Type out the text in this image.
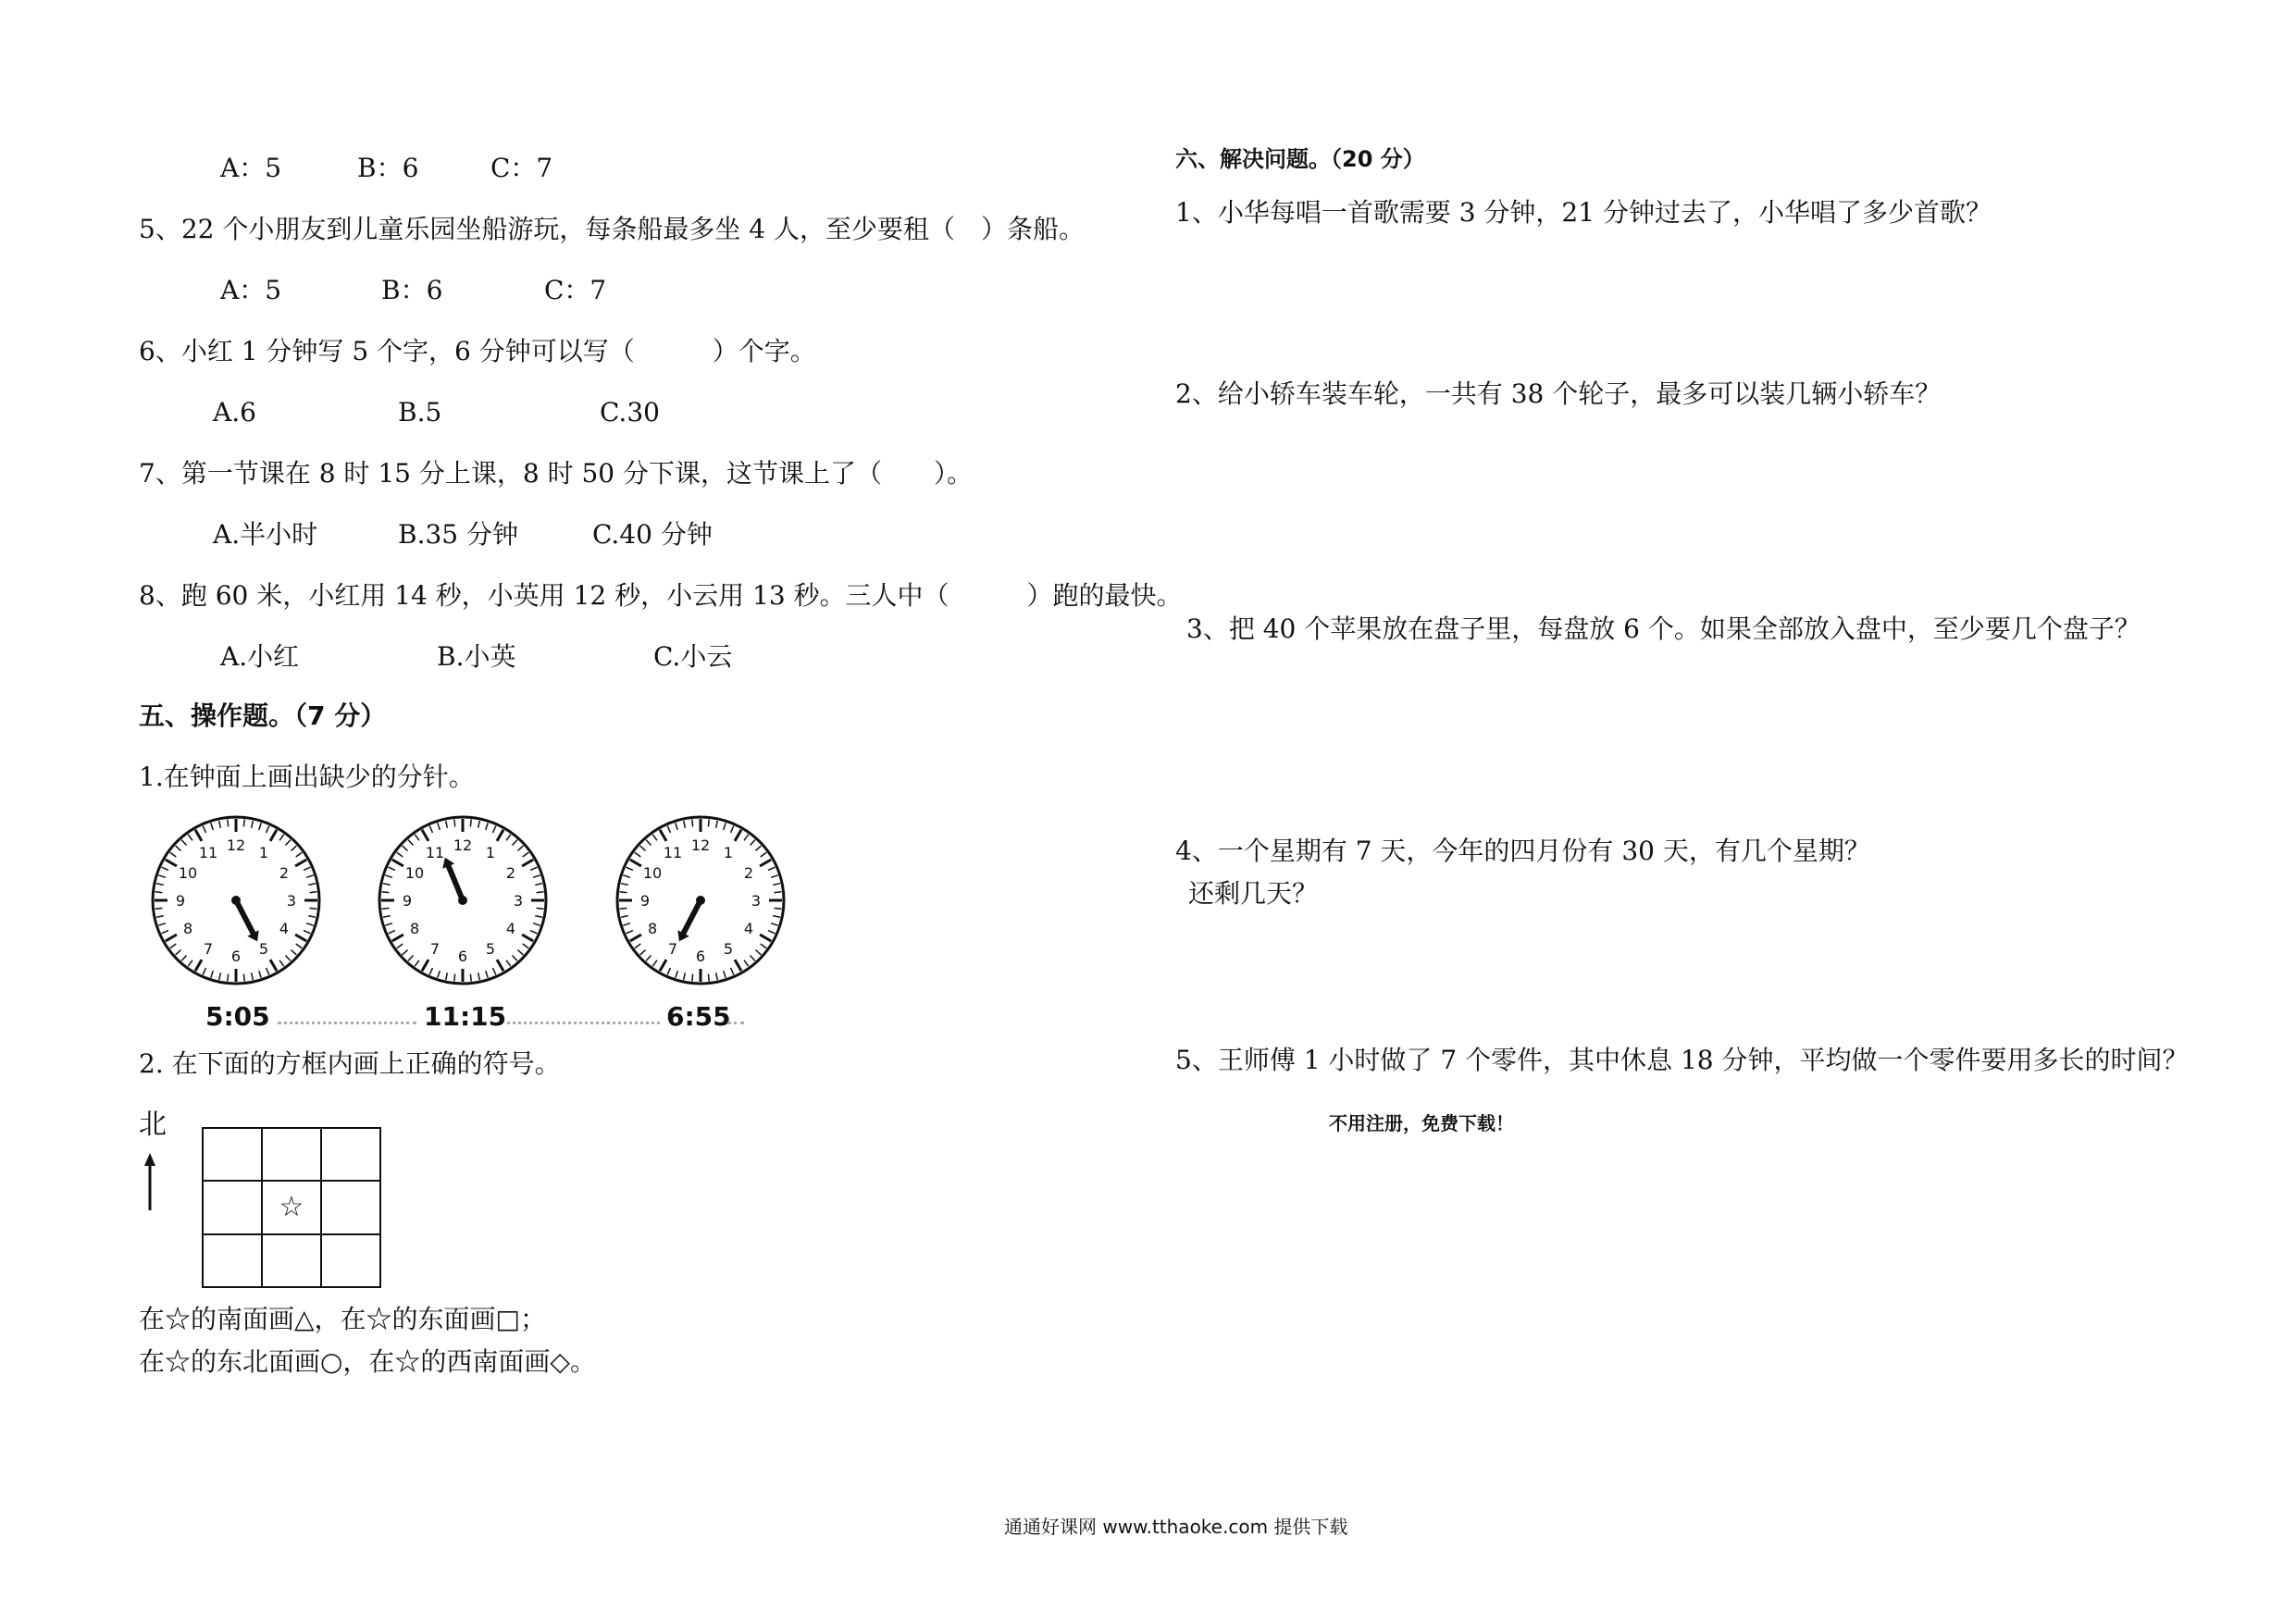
A：5	B：6	C：7
5、22 个小朋友到儿童乐园坐船游玩，每条船最多坐 4 人，至少要租（　）条船。
A：5	B：6	C：7
6、小红 1 分钟写 5 个字，6 分钟可以写（　　　）个字。
A.6	B.5	C.30
7、第一节课在 8 时 15 分上课，8 时 50 分下课，这节课上了（　　）。
A.半小时	B.35 分钟	C.40 分钟
8、跑 60 米，小红用 14 秒，小英用 12 秒，小云用 13 秒。三人中（　　　）跑的最快。
A.小红	B.小英	C.小云
五、操作题。（7 分）
1.在钟面上画出缺少的分针。
12 1
2
3
4
5
6
7
8
9
10
11	12 1
2
3
4
5
6
7
8
9
10
11	12 1
2
3
4
5
6
7
8
9
10
11
5:05	11:15	6:55
2. 在下面的方框内画上正确的符号。
北
☆
在☆的南面画△，在☆的东面画□；
在☆的东北面画○，在☆的西南面画◇。
六、解决问题。（20 分）
1、小华每唱一首歌需要 3 分钟，21 分钟过去了，小华唱了多少首歌？
2、给小轿车装车轮，一共有 38 个轮子，最多可以装几辆小轿车？
3、把 40 个苹果放在盘子里，每盘放 6 个。如果全部放入盘中，至少要几个盘子？
4、一个星期有 7 天，今年的四月份有 30 天，有几个星期？
还剩几天？
5、王师傅 1 小时做了 7 个零件，其中休息 18 分钟，平均做一个零件要用多长的时间？
不用注册，免费下载！
通通好课网 www.tthaoke.com 提供下载
